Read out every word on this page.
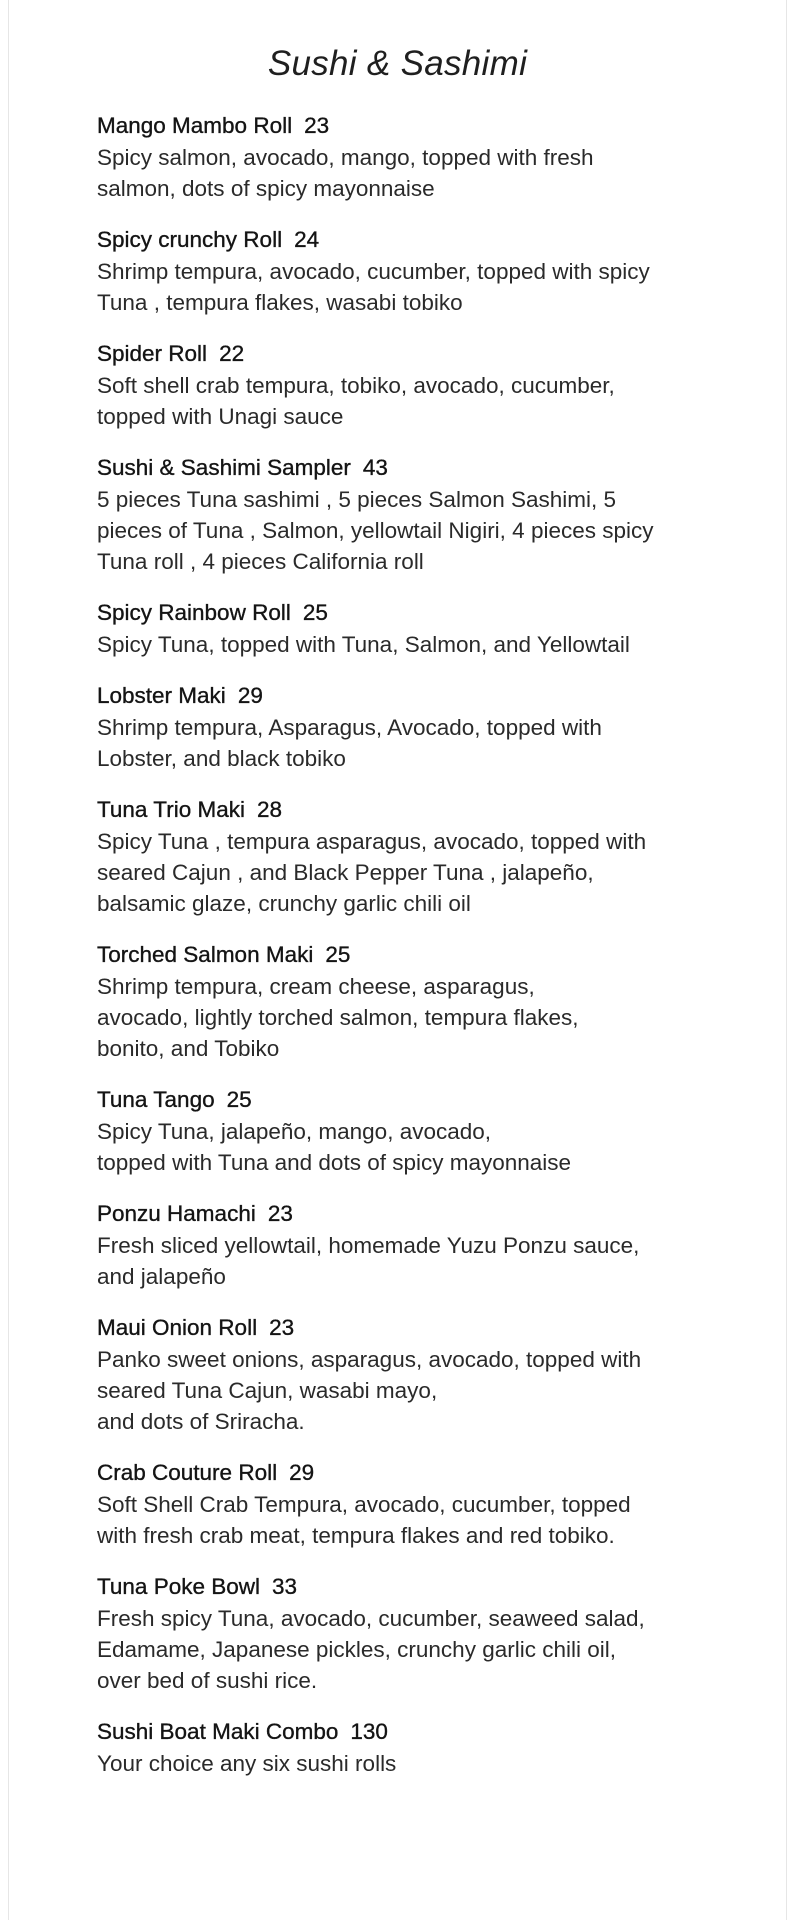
Sushi & Sashimi
Mango Mambo Roll 23
Spicy salmon, avocado, mango, topped with fresh
salmon, dots of spicy mayonnaise
Spicy crunchy Roll 24
Shrimp tempura, avocado, cucumber, topped with spicy
Tuna , tempura flakes, wasabi tobiko
Spider Roll 22
Soft shell crab tempura, tobiko, avocado, cucumber,
topped with Unagi sauce
Sushi & Sashimi Sampler 43
5 pieces Tuna sashimi , 5 pieces Salmon Sashimi, 5
pieces of Tuna , Salmon, yellowtail Nigiri, 4 pieces spicy
Tuna roll , 4 pieces California roll
Spicy Rainbow Roll 25
Spicy Tuna, topped with Tuna, Salmon, and Yellowtail
Lobster Maki 29
Shrimp tempura, Asparagus, Avocado, topped with
Lobster, and black tobiko
Tuna Trio Maki 28
Spicy Tuna , tempura asparagus, avocado, topped with
seared Cajun , and Black Pepper Tuna , jalapeño,
balsamic glaze, crunchy garlic chili oil
Torched Salmon Maki 25
Shrimp tempura, cream cheese, asparagus,
avocado, lightly torched salmon, tempura flakes,
bonito, and Tobiko
Tuna Tango 25
Spicy Tuna, jalapeño, mango, avocado,
topped with Tuna and dots of spicy mayonnaise
Ponzu Hamachi 23
Fresh sliced yellowtail, homemade Yuzu Ponzu sauce,
and jalapeño
Maui Onion Roll 23
Panko sweet onions, asparagus, avocado, topped with
seared Tuna Cajun, wasabi mayo,
and dots of Sriracha.
Crab Couture Roll 29
Soft Shell Crab Tempura, avocado, cucumber, topped
with fresh crab meat, tempura flakes and red tobiko.
Tuna Poke Bowl 33
Fresh spicy Tuna, avocado, cucumber, seaweed salad,
Edamame, Japanese pickles, crunchy garlic chili oil,
over bed of sushi rice.
Sushi Boat Maki Combo 130
Your choice any six sushi rolls
